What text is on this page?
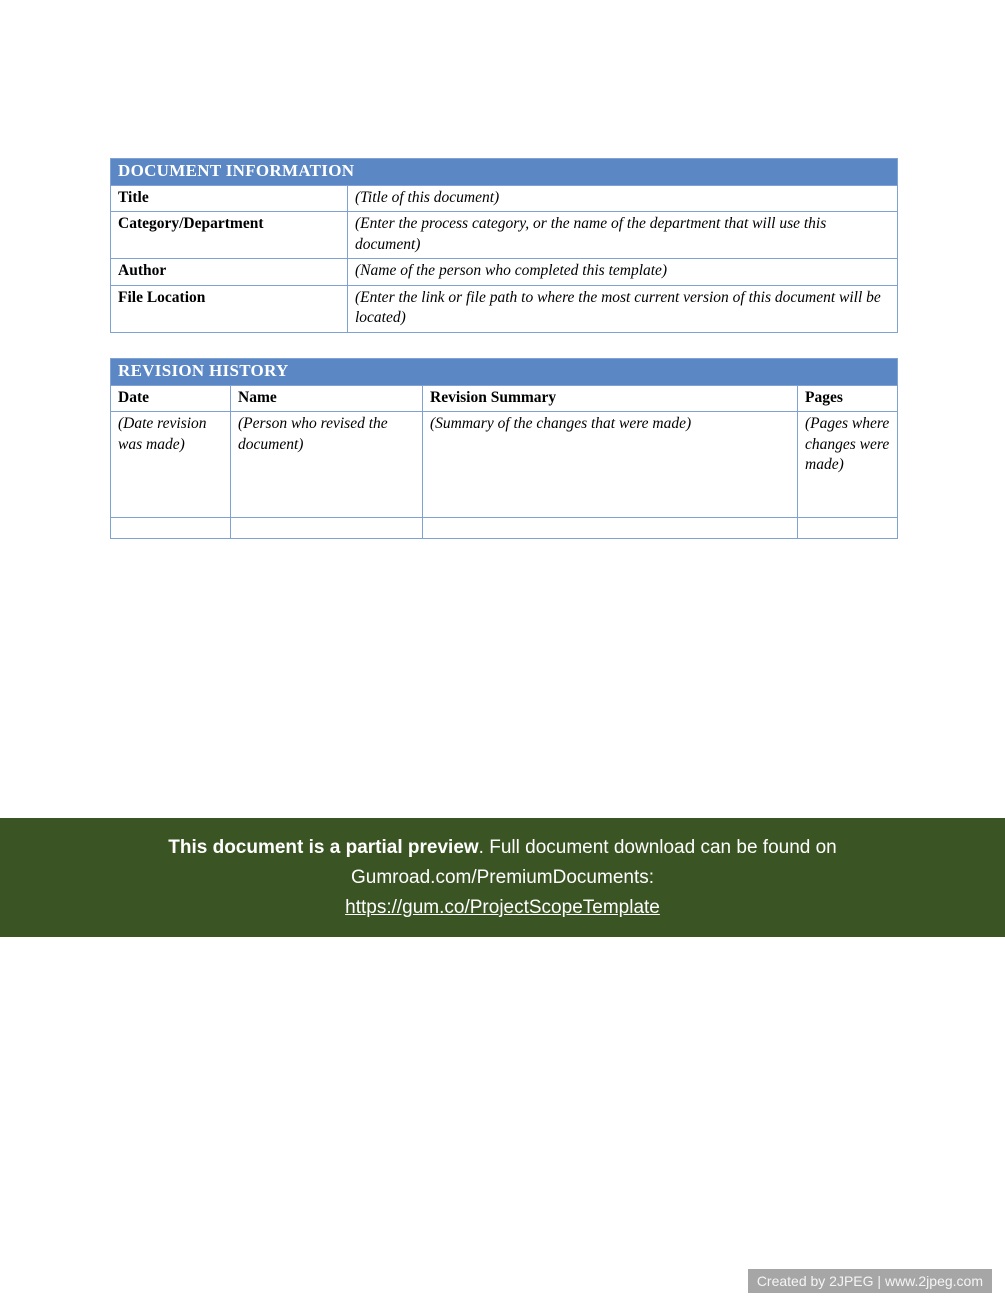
DOCUMENT INFORMATION	
Title	(Title of this document)
Category/Department	(Enter the process category, or the name of the department that will use this document)
Author	(Name of the person who completed this template)
File Location	(Enter the link or file path to where the most current version of this document will be located)
REVISION HISTORY			
Date	Name	Revision Summary	Pages
(Date revision was made)	(Person who revised the document)	(Summary of the changes that were made)	(Pages where changes were made)

This document is a partial preview. Full document download can be found on
Gumroad.com/PremiumDocuments:
https://gum.co/ProjectScopeTemplate
Created by 2JPEG | www.2jpeg.com
